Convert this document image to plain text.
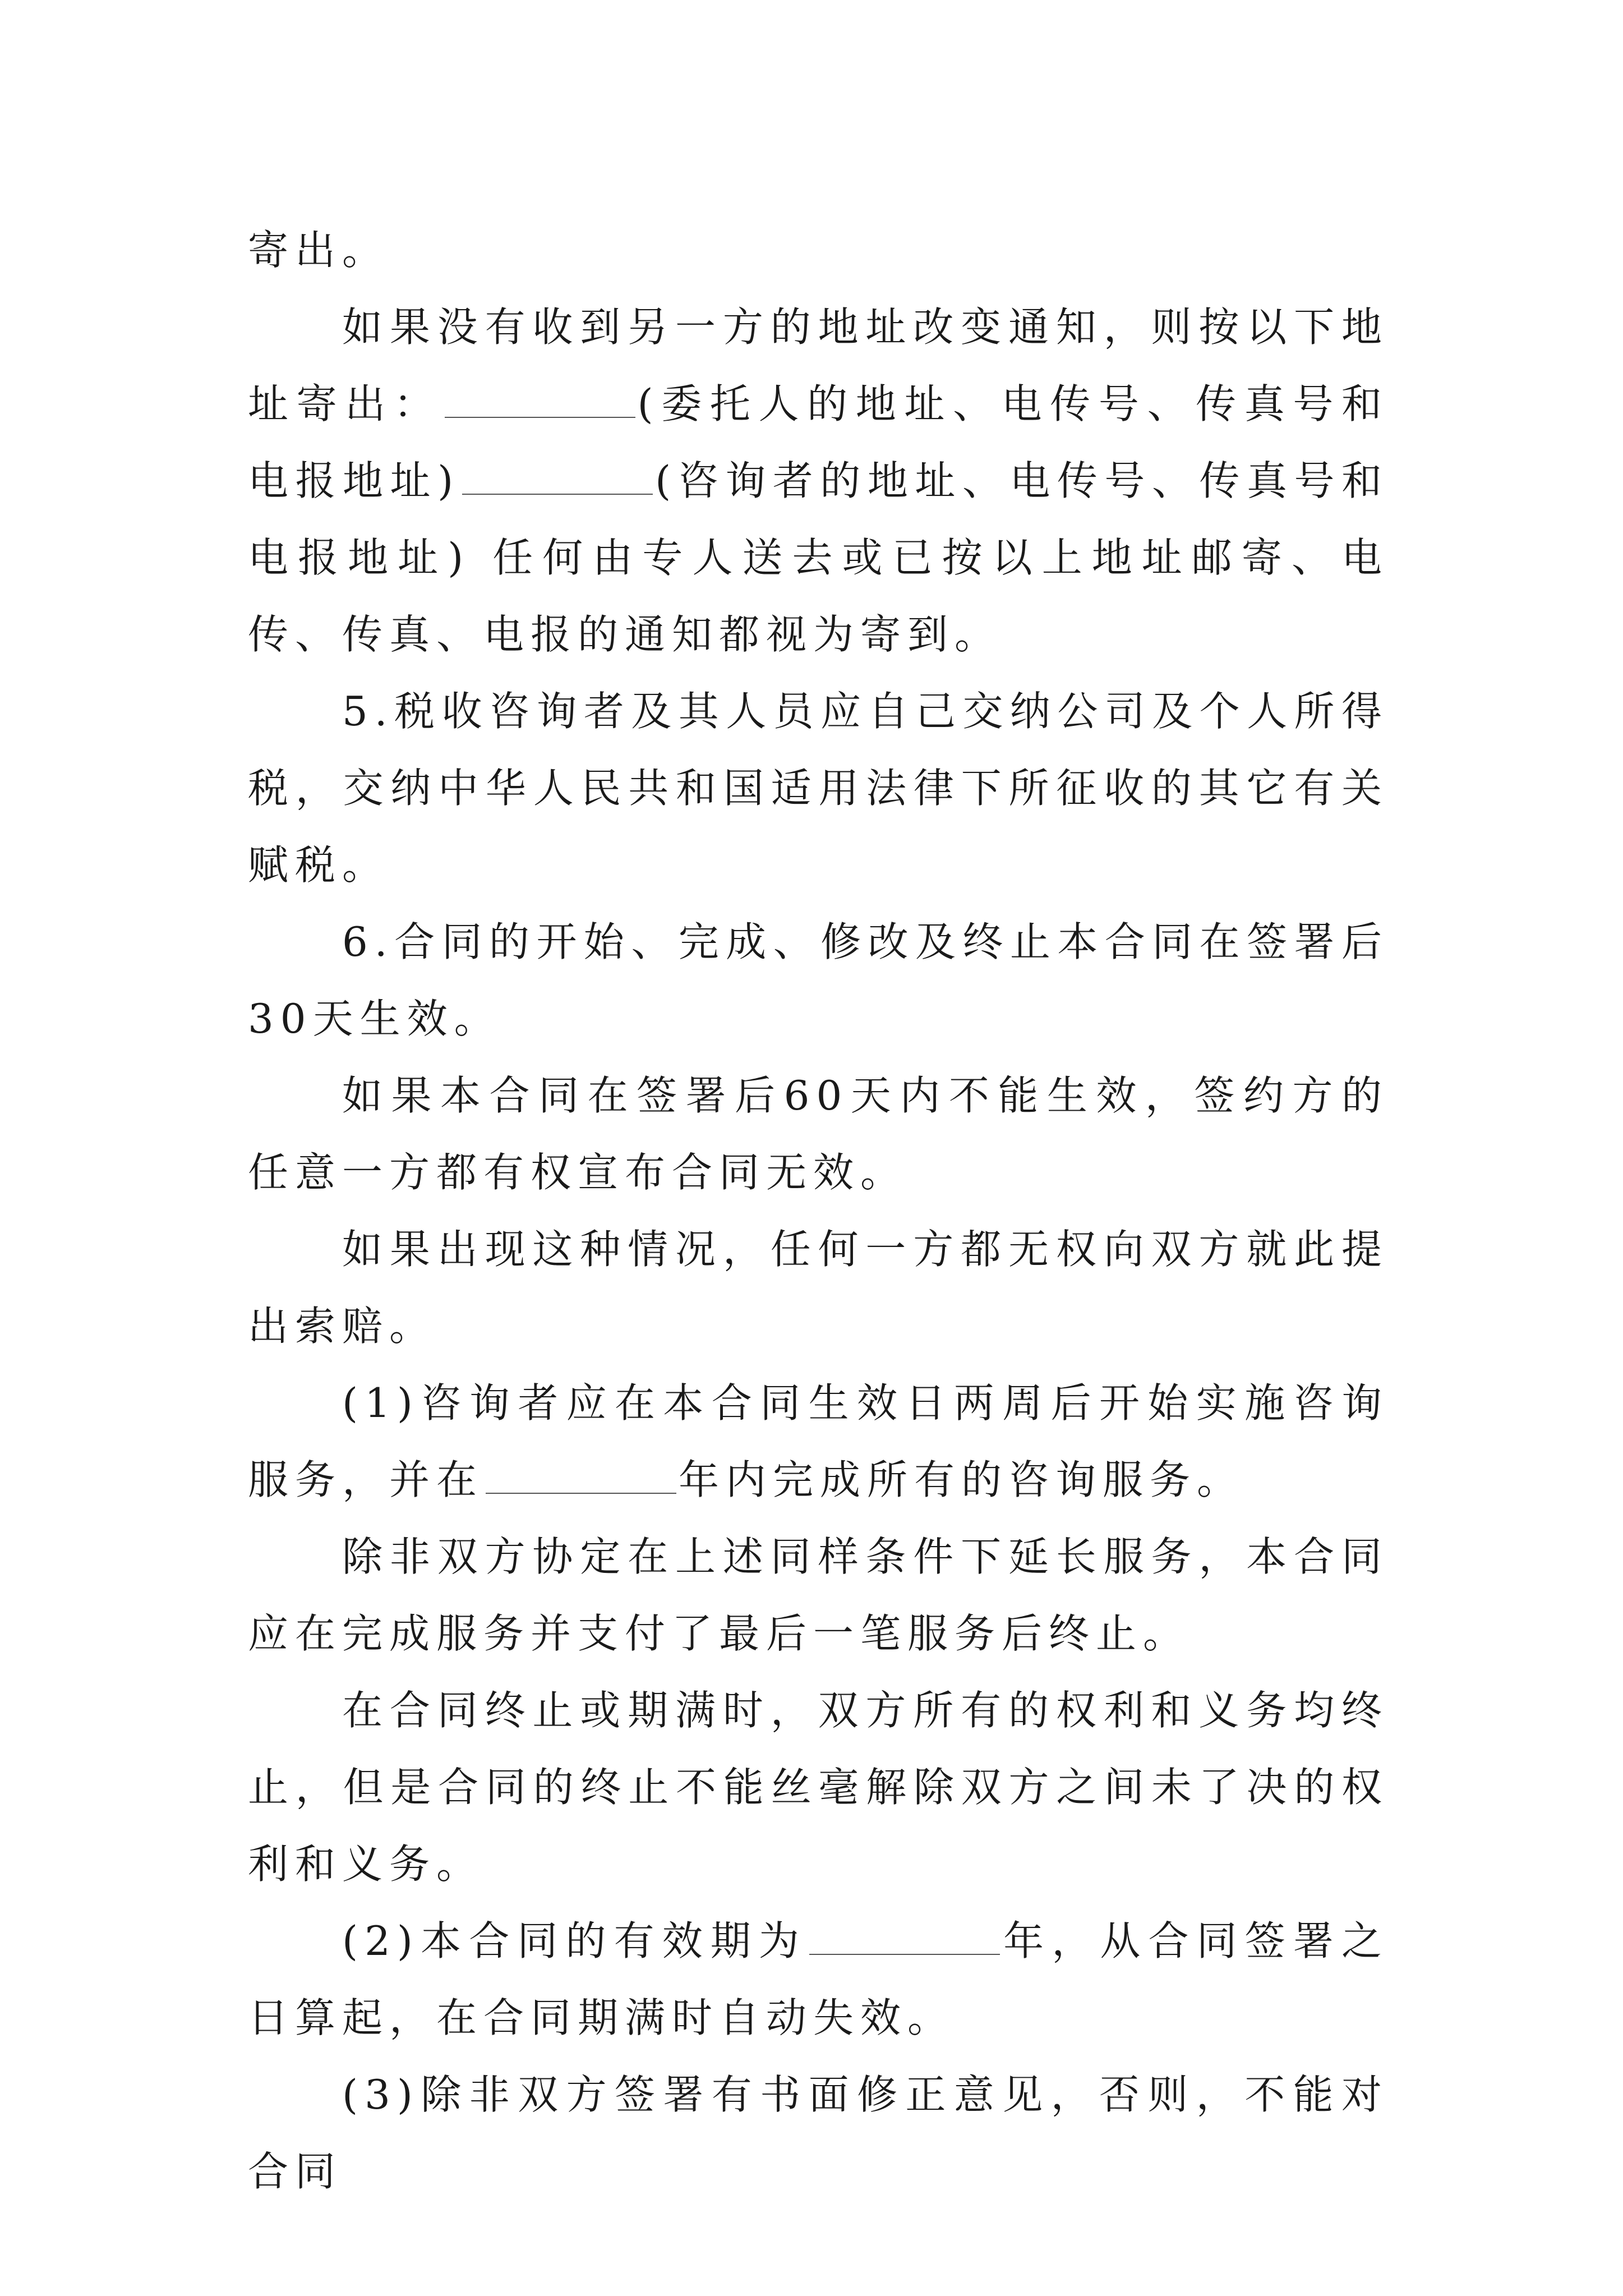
寄出。

如果没有收到另一方的地址改变通知，则按以下地址寄出：	(委托人的地址、电传号、传真号和电报地址)	(咨询者的地址、电传号、传真号和电报地址) 任何由专人送去或已按以上地址邮寄、电传、传真、电报的通知都视为寄到。

5.税收咨询者及其人员应自己交纳公司及个人所得税，交纳中华人民共和国适用法律下所征收的其它有关赋税。

6.合同的开始、完成、修改及终止本合同在签署后30天生效。

如果本合同在签署后60天内不能生效，签约方的任意一方都有权宣布合同无效。

如果出现这种情况，任何一方都无权向双方就此提出索赔。

(1)咨询者应在本合同生效日两周后开始实施咨询服务，并在	年内完成所有的咨询服务。

除非双方协定在上述同样条件下延长服务，本合同应在完成服务并支付了最后一笔服务后终止。

在合同终止或期满时，双方所有的权利和义务均终止，但是合同的终止不能丝毫解除双方之间未了决的权利和义务。

(2)本合同的有效期为	年，从合同签署之日算起，在合同期满时自动失效。

(3)除非双方签署有书面修正意见，否则，不能对合同
